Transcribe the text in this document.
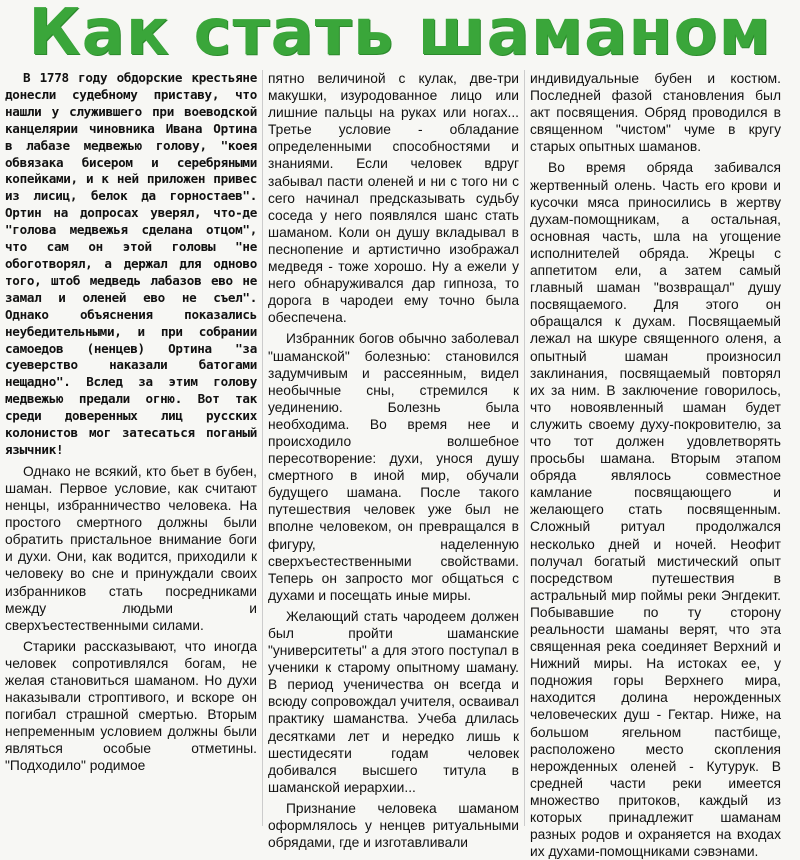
Как стать шаманом

В 1778 году обдорские крестьяне донесли судебному приставу, что нашли у служившего при воеводской канцелярии чиновника Ивана Ортина в лабазе медвежью голову, "коея обвязака бисером и серебряными копейками, и к ней приложен привес из лисиц, белок да горностаев". Ортин на допросах уверял, что-де "голова медвежья сделана отцом", что сам он этой головы "не обоготворял, а держал для одново того, штоб медведь лабазов ево не замал и оленей ево не съел". Однако объяснения показались неубедительными, и при собрании самоедов (ненцев) Ортина "за суеверство наказали батогами нещадно". Вслед за этим голову медвежью предали огню. Вот так среди доверенных лиц русских колонистов мог затесаться поганый язычник!

Однако не всякий, кто бьет в бубен, шаман. Первое условие, как считают ненцы, избранничество человека. На простого смертного должны были обратить пристальное внимание боги и духи. Они, как водится, приходили к человеку во сне и принуждали своих избранников стать посредниками между людьми и сверхъестественными силами.

Старики рассказывают, что иногда человек сопротивлялся богам, не желая становиться шаманом. Но духи наказывали строптивого, и вскоре он погибал страшной смертью. Вторым непременным условием должны были являться особые отметины. "Подходило" родимое

пятно величиной с кулак, две-три макушки, изуродованное лицо или лишние пальцы на руках или ногах... Третье условие - обладание определенными способностями и знаниями. Если человек вдруг забывал пасти оленей и ни с того ни с сего начинал предсказывать судьбу соседа у него появлялся шанс стать шаманом. Коли он душу вкладывал в песнопение и артистично изображал медведя - тоже хорошо. Ну а ежели у него обнаруживался дар гипноза, то дорога в чародеи ему точно была обеспечена.

Избранник богов обычно заболевал "шаманской" болезнью: становился задумчивым и рассеянным, видел необычные сны, стремился к уединению. Болезнь была необходима. Во время нее и происходило волшебное пересотворение: духи, унося душу смертного в иной мир, обучали будущего шамана. После такого путешествия человек уже был не вполне человеком, он превращался в фигуру, наделенную сверхъестественными свойствами. Теперь он запросто мог общаться с духами и посещать иные миры.

Желающий стать чародеем должен был пройти шаманские "университеты" а для этого поступал в ученики к старому опытному шаману. В период ученичества он всегда и всюду сопровождал учителя, осваивал практику шаманства. Учеба длилась десятками лет и нередко лишь к шестидесяти годам человек добивался высшего титула в шаманской иерархии...

Признание человека шаманом оформлялось у ненцев ритуальными обрядами, где и изготавливали

индивидуальные бубен и костюм. Последней фазой становления был акт посвящения. Обряд проводился в священном "чистом" чуме в кругу старых опытных шаманов.

Во время обряда забивался жертвенный олень. Часть его крови и кусочки мяса приносились в жертву духам-помощникам, а остальная, основная часть, шла на угощение исполнителей обряда. Жрецы с аппетитом ели, а затем самый главный шаман "возвращал" душу посвящаемого. Для этого он обращался к духам. Посвящаемый лежал на шкуре священного оленя, а опытный шаман произносил заклинания, посвящаемый повторял их за ним. В заключение говорилось, что новоявленный шаман будет служить своему духу-покровителю, за что тот должен удовлетворять просьбы шамана. Вторым этапом обряда являлось совместное камлание посвящающего и желающего стать посвященным. Сложный ритуал продолжался несколько дней и ночей. Неофит получал богатый мистический опыт посредством путешествия в астральный мир поймы реки Энгдекит. Побывавшие по ту сторону реальности шаманы верят, что эта священная река соединяет Верхний и Нижний миры. На истоках ее, у подножия горы Верхнего мира, находится долина нерожденных человеческих душ - Гектар. Ниже, на большом ягельном пастбище, расположено место скопления нерожденных оленей - Кутурук. В средней части реки имеется множество притоков, каждый из которых принадлежит шаманам разных родов и охраняется на входах их духами-помощниками сэвэнами.
